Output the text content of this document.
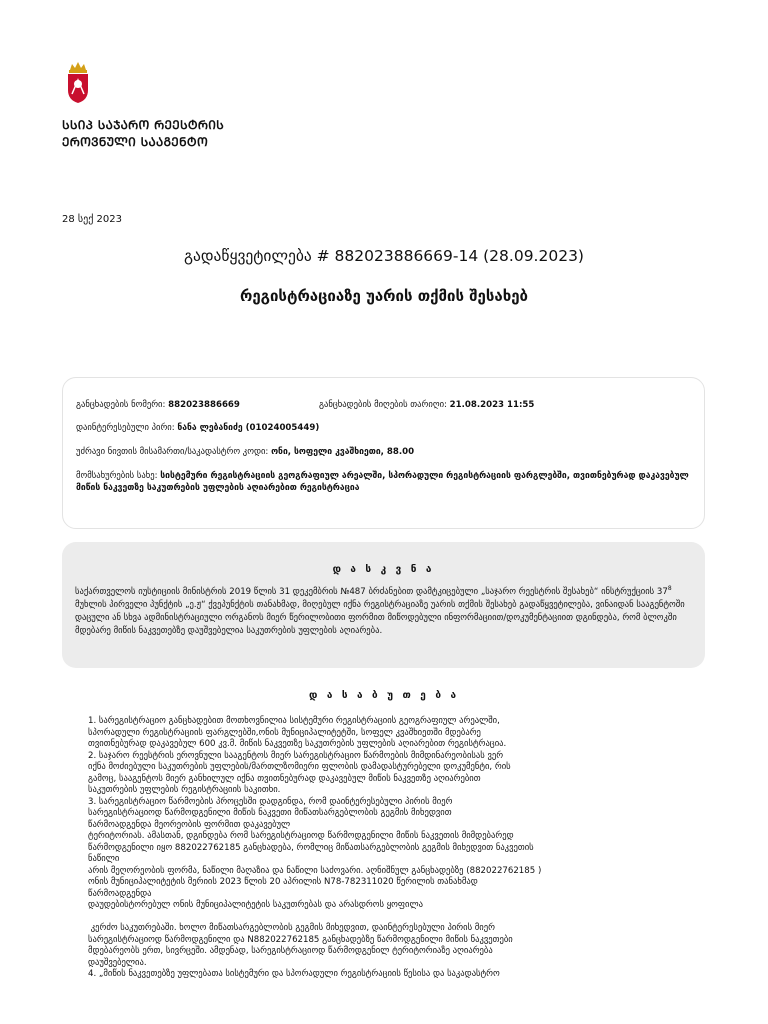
ᲡᲡᲘᲞ ᲡᲐᲯᲐᲠᲝ ᲠᲔᲔᲡᲢᲠᲘᲡ
ᲔᲠᲝᲕᲜᲣᲚᲘ ᲡᲐᲐᲒᲔᲜᲢᲝ
28 სექ 2023
გადაწყვეტილება # 882023886669-14 (28.09.2023)
რეგისტრაციაზე უარის თქმის შესახებ
განცხადების ნომერი: 882023886669	განცხადების მიღების თარიღი: 21.08.2023 11:55
დაინტერესებული პირი: ნანა ლებანიძე (01024005449)
უძრავი ნივთის მისამართი/საკადასტრო კოდი: ონი, სოფელი კვაშხიეთი, 88.00
მომსახურების სახე: სისტემური რეგისტრაციის გეოგრაფიულ არეალში, სპორადული რეგისტრაციის ფარგლებში, თვითნებურად დაკავებულ მიწის ნაკვეთზე საკუთრების უფლების აღიარებით რეგისტრაცია
დ ა ს კ ვ ნ ა
საქართველოს იუსტიციის მინისტრის 2019 წლის 31 დეკემბრის №487 ბრძანებით დამტკიცებული „საჯარო რეესტრის შესახებ“ ინსტრუქციის $37^8$ მუხლის პირველი პუნქტის „ე.ჟ“ ქვეპუნქტის თანახმად, მიღებულ იქნა რეგისტრაციაზე უარის თქმის შესახებ გადაწყვეტილება, ვინაიდან სააგენტოში დაცული ან სხვა ადმინისტრაციული ორგანოს მიერ წერილობითი ფორმით მიწოდებული ინფორმაციით/დოკუმენტაციით დგინდება, რომ ბლოკში მდებარე მიწის ნაკვეთებზე დაუშვებელია საკუთრების უფლების აღიარება.
დ ა ს ა ბ უ თ ე ბ ა
1. სარეგისტრაციო განცხადებით მოთხოვნილია სისტემური რეგისტრაციის გეოგრაფიულ არეალში,
სპორადული რეგისტრაციის ფარგლებში,ონის მუნიციპალიტეტში, სოფელ კვაშხიეთში მდებარე
თვითნებურად დაკავებულ 600 კვ.მ. მიწის ნაკვეთზე საკუთრების უფლების აღიარებით რეგისტრაცია.
2. საჯარო რეესტრის ეროვნული სააგენტოს მიერ სარეგისტრაციო წარმოების მიმდინარეობისას ვერ
იქნა მოძიებული საკუთრების უფლების/მართლზომიერი ფლობის დამადასტურებელი დოკუმენტი, რის
გამოც, სააგენტოს მიერ განხილულ იქნა თვითნებურად დაკავებულ მიწის ნაკვეთზე აღიარებით
საკუთრების უფლების რეგისტრაციის საკითხი.
3. სარეგისტრაციო წარმოების პროცესში დადგინდა, რომ დაინტერესებული პირის მიერ
სარეგისტრაციოდ წარმოდგენილი მიწის ნაკვეთი მიწათსარგებლობის გეგმის მიხედვით
წარმოადგენდა მეორეობის ფორმით დაკავებულ
ტერიტორიას. ამასთან, დგინდება რომ სარეგისტრაციოდ წარმოდგენილი მიწის ნაკვეთის მიმდებარედ
წარმოდგენილი იყო 882022762185 განცხადება, რომლიც მიწათსარგებლობის გეგმის მიხედვით ნაკვეთის
ნაწილი
არის მეღორეობის ფორმა, ნაწილი მაღაზია და ნაწილი საძოვარი. აღნიშნულ განცხადებზე (882022762185 )
ონის მუნიციპალიტეტის მერიის 2023 წლის 20 აპრილის N78-782311020 წერილის თანახმად
წარმოადგენდა
დაუდებისტორებულ ონის მუნიციპალიტეტის საკუთრებას და არასდროს ყოფილა

კერძო საკუთრებაში. ხოლო მიწათსარგებლობის გეგმის მიხედვით, დაინტერესებული პირის მიერ
სარეგისტრაციოდ წარმოდგენილი და N882022762185 განცხადებზე წარმოდგენილი მიწის ნაკვეთები
მდებარეობს ერთ, სივრცეში. ამდენად, სარეგისტრაციოდ წარმოდგენილ ტერიტორიაზე აღიარება
დაუშვებელია.
4. „მიწის ნაკვეთებზე უფლებათა სისტემური და სპორადული რეგისტრაციის წესისა და საკადასტრო
